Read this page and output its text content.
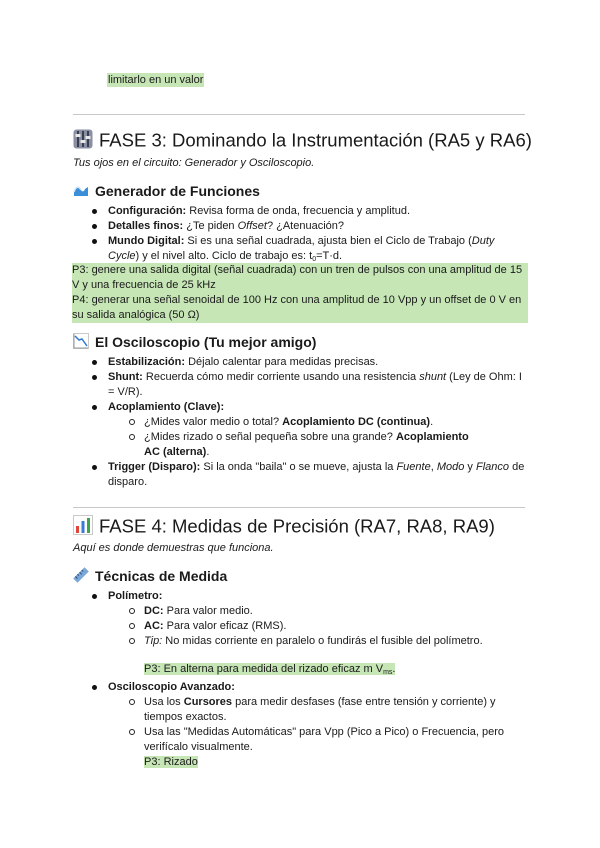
limitarlo en un valor
FASE 3: Dominando la Instrumentación (RA5 y RA6)
Tus ojos en el circuito: Generador y Osciloscopio.
Generador de Funciones
Configuración: Revisa forma de onda, frecuencia y amplitud.
Detalles finos: ¿Te piden Offset? ¿Atenuación?
Mundo Digital: Si es una señal cuadrada, ajusta bien el Ciclo de Trabajo (Duty Cycle) y el nivel alto. Ciclo de trabajo es: $t_0=T\cdot d$.
P3: genere una salida digital (señal cuadrada) con un tren de pulsos con una amplitud de 15 V y una frecuencia de 25 kHz
P4: generar una señal senoidal de 100 Hz con una amplitud de 10 Vpp y un offset de 0 V en su salida analógica (50 Ω)
El Osciloscopio (Tu mejor amigo)
Estabilización: Déjalo calentar para medidas precisas.
Shunt: Recuerda cómo medir corriente usando una resistencia shunt (Ley de Ohm: I = V/R).
Acoplamiento (Clave):
¿Mides valor medio o total? Acoplamiento DC (continua).
¿Mides rizado o señal pequeña sobre una grande? Acoplamiento AC (alterna).
Trigger (Disparo): Si la onda "baila" o se mueve, ajusta la Fuente, Modo y Flanco de disparo.
FASE 4: Medidas de Precisión (RA7, RA8, RA9)
Aquí es donde demuestras que funciona.
Técnicas de Medida
Polímetro:
DC: Para valor medio.
AC: Para valor eficaz (RMS).
Tip: No midas corriente en paralelo o fundirás el fusible del polímetro.
P3: En alterna para medida del rizado eficaz m $V_{ms}$.
Osciloscopio Avanzado:
Usa los Cursores para medir desfases (fase entre tensión y corriente) y tiempos exactos.
Usa las "Medidas Automáticas" para Vpp (Pico a Pico) o Frecuencia, pero verifícalo visualmente.
P3: Rizado
